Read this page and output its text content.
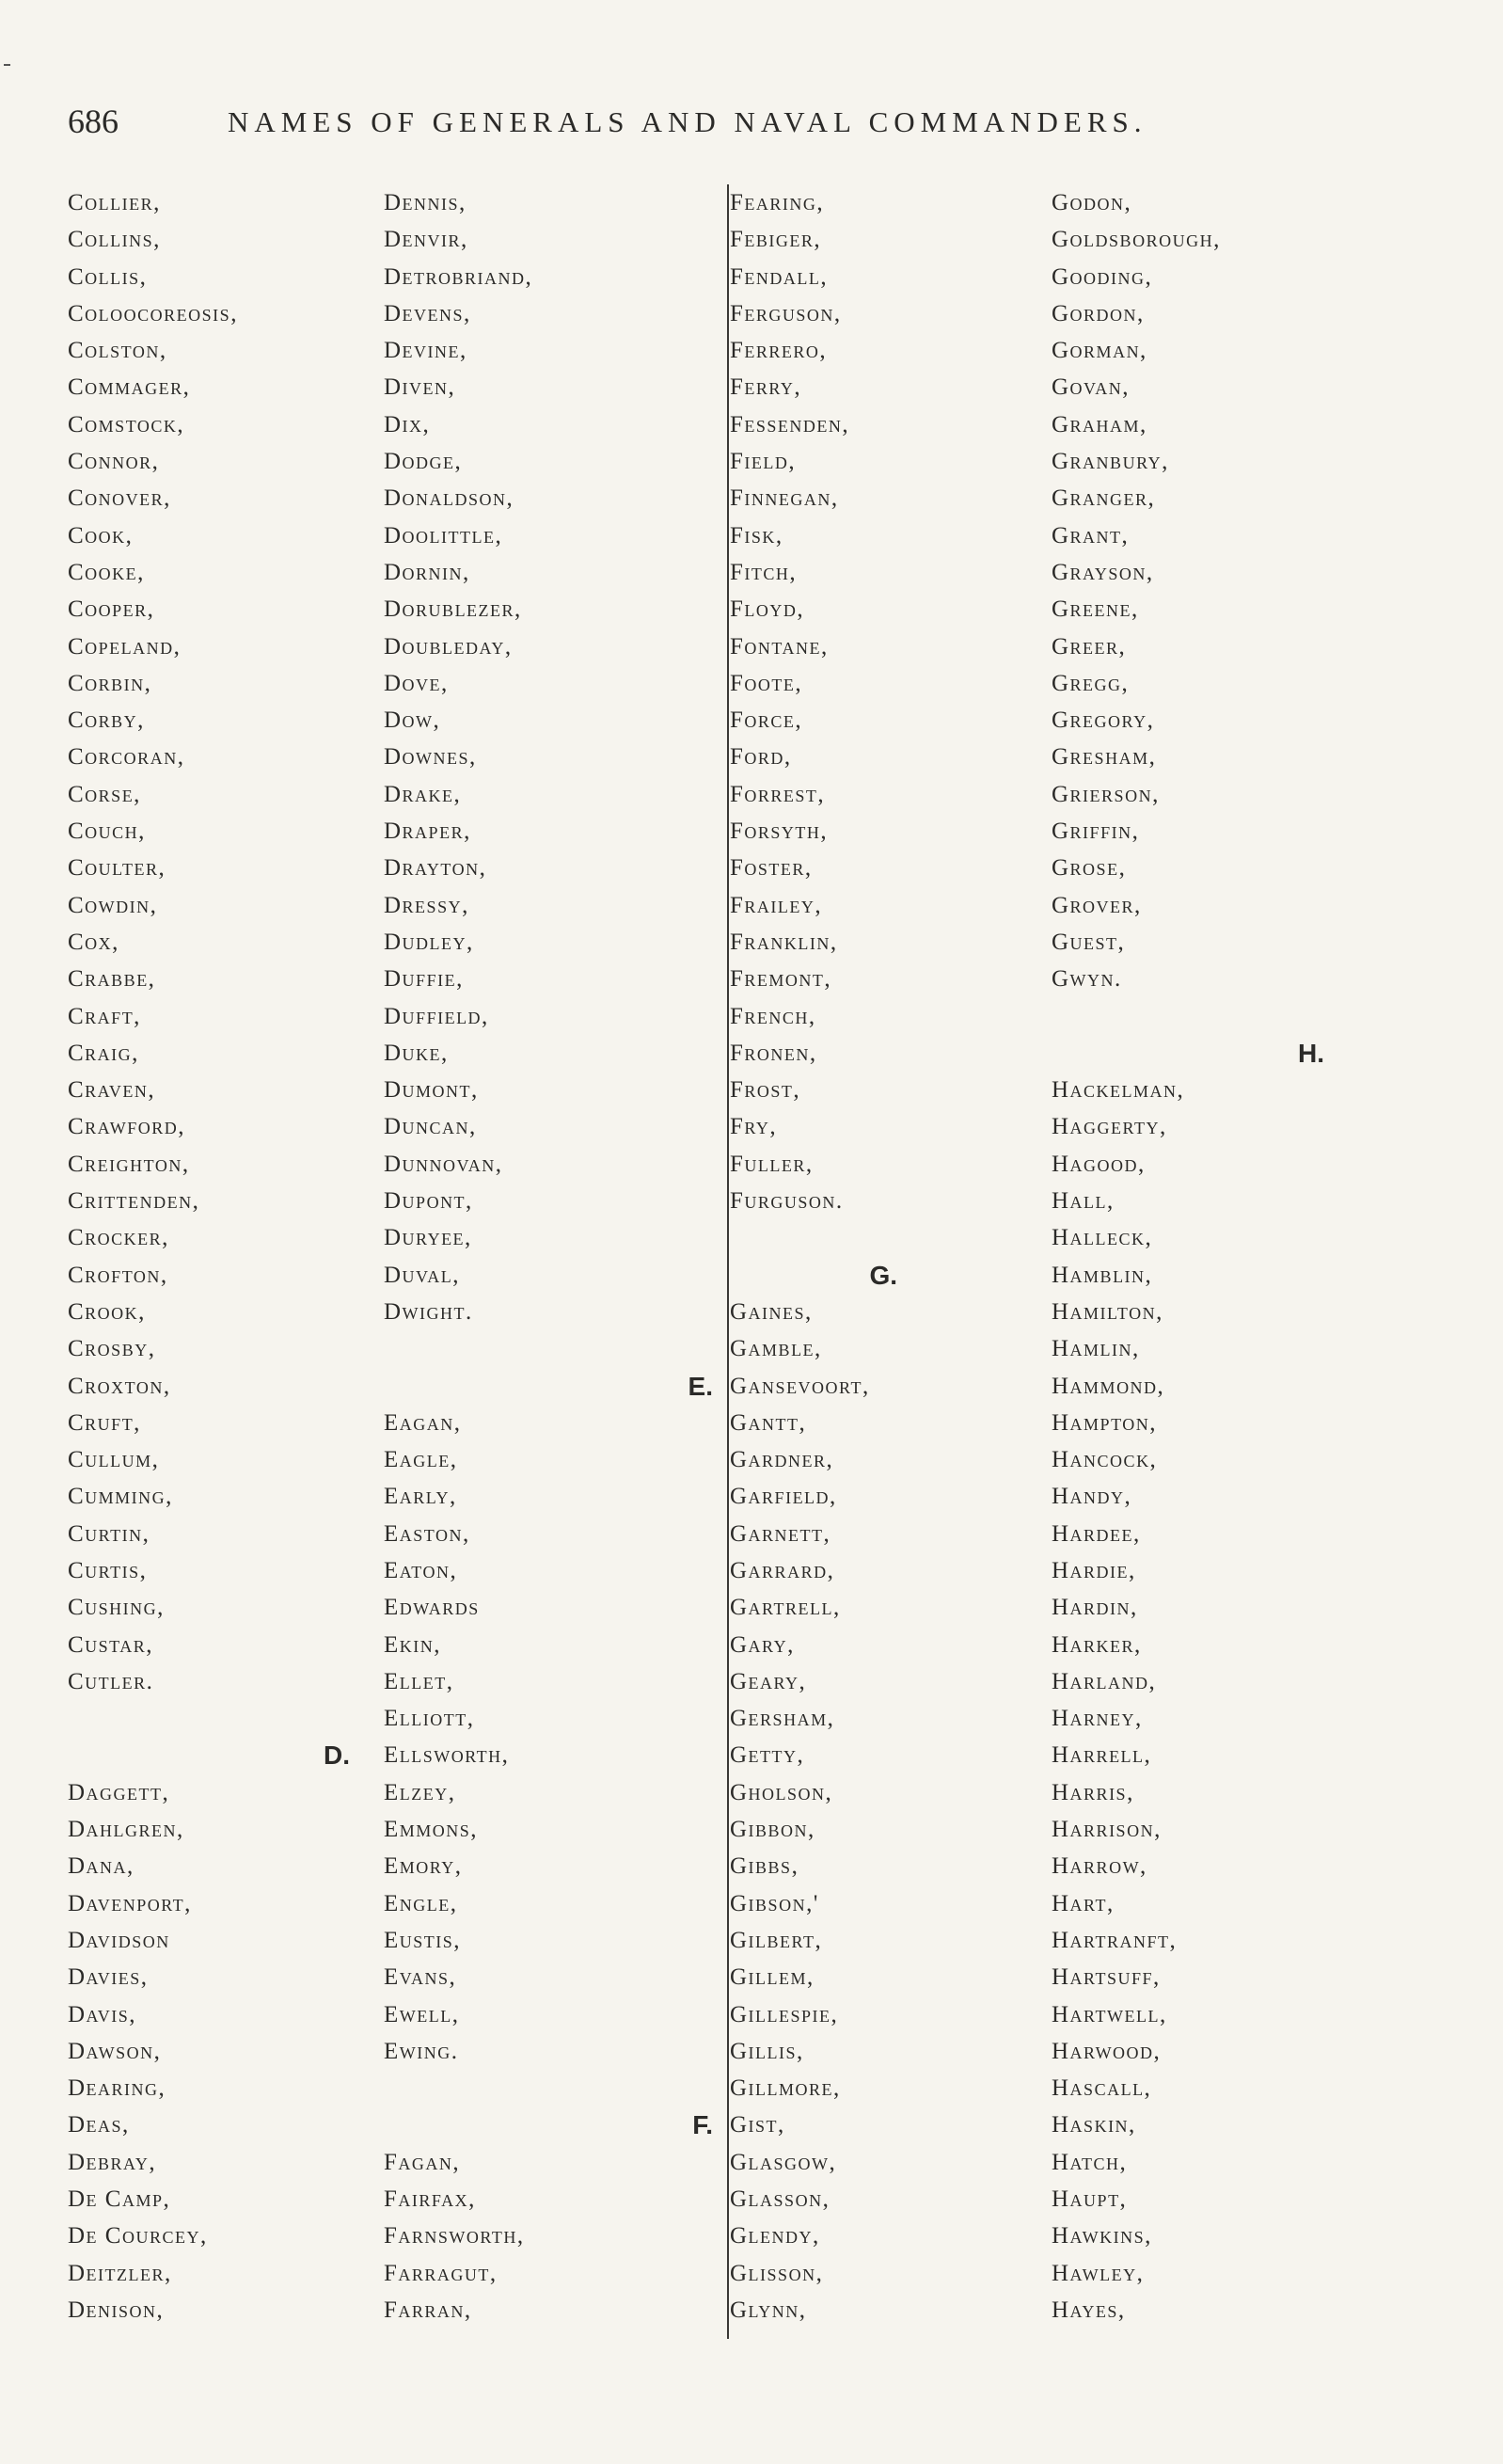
686	NAMES OF GENERALS AND NAVAL COMMANDERS.
Collier,
Collins,
Collis,
Coloocoreosis,
Colston,
Commager,
Comstock,
Connor,
Conover,
Cook,
Cooke,
Cooper,
Copeland,
Corbin,
Corby,
Corcoran,
Corse,
Couch,
Coulter,
Cowdin,
Cox,
Crabbe,
Craft,
Craig,
Craven,
Crawford,
Creighton,
Crittenden,
Crocker,
Crofton,
Crook,
Crosby,
Croxton,
Cruft,
Cullum,
Cumming,
Curtin,
Curtis,
Cushing,
Custar,
Cutler.
D.
Daggett,
Dahlgren,
Dana,
Davenport,
Davidson
Davies,
Davis,
Dawson,
Dearing,
Deas,
Debray,
De Camp,
De Courcey,
Deitzler,
Denison,
Dennis,
Denvir,
Detrobriand,
Devens,
Devine,
Diven,
Dix,
Dodge,
Donaldson,
Doolittle,
Dornin,
Dorublezer,
Doubleday,
Dove,
Dow,
Downes,
Drake,
Draper,
Drayton,
Dressy,
Dudley,
Duffie,
Duffield,
Duke,
Dumont,
Duncan,
Dunnovan,
Dupont,
Duryee,
Duval,
Dwight.
E.
Eagan,
Eagle,
Early,
Easton,
Eaton,
Edwards
Ekin,
Ellet,
Elliott,
Ellsworth,
Elzey,
Emmons,
Emory,
Engle,
Eustis,
Evans,
Ewell,
Ewing.
F.
Fagan,
Fairfax,
Farnsworth,
Farragut,
Farran,
Fearing,
Febiger,
Fendall,
Ferguson,
Ferrero,
Ferry,
Fessenden,
Field,
Finnegan,
Fisk,
Fitch,
Floyd,
Fontane,
Foote,
Force,
Ford,
Forrest,
Forsyth,
Foster,
Frailey,
Franklin,
Fremont,
French,
Fronen,
Frost,
Fry,
Fuller,
Furguson.
G.
Gaines,
Gamble,
Gansevoort,
Gantt,
Gardner,
Garfield,
Garnett,
Garrard,
Gartrell,
Gary,
Geary,
Gersham,
Getty,
Gholson,
Gibbon,
Gibbs,
Gibson,'
Gilbert,
Gillem,
Gillespie,
Gillis,
Gillmore,
Gist,
Glasgow,
Glasson,
Glendy,
Glisson,
Glynn,
Godon,
Goldsborough,
Gooding,
Gordon,
Gorman,
Govan,
Graham,
Granbury,
Granger,
Grant,
Grayson,
Greene,
Greer,
Gregg,
Gregory,
Gresham,
Grierson,
Griffin,
Grose,
Grover,
Guest,
Gwyn.
H.
Hackelman,
Haggerty,
Hagood,
Hall,
Halleck,
Hamblin,
Hamilton,
Hamlin,
Hammond,
Hampton,
Hancock,
Handy,
Hardee,
Hardie,
Hardin,
Harker,
Harland,
Harney,
Harrell,
Harris,
Harrison,
Harrow,
Hart,
Hartranft,
Hartsuff,
Hartwell,
Harwood,
Hascall,
Haskin,
Hatch,
Haupt,
Hawkins,
Hawley,
Hayes,
